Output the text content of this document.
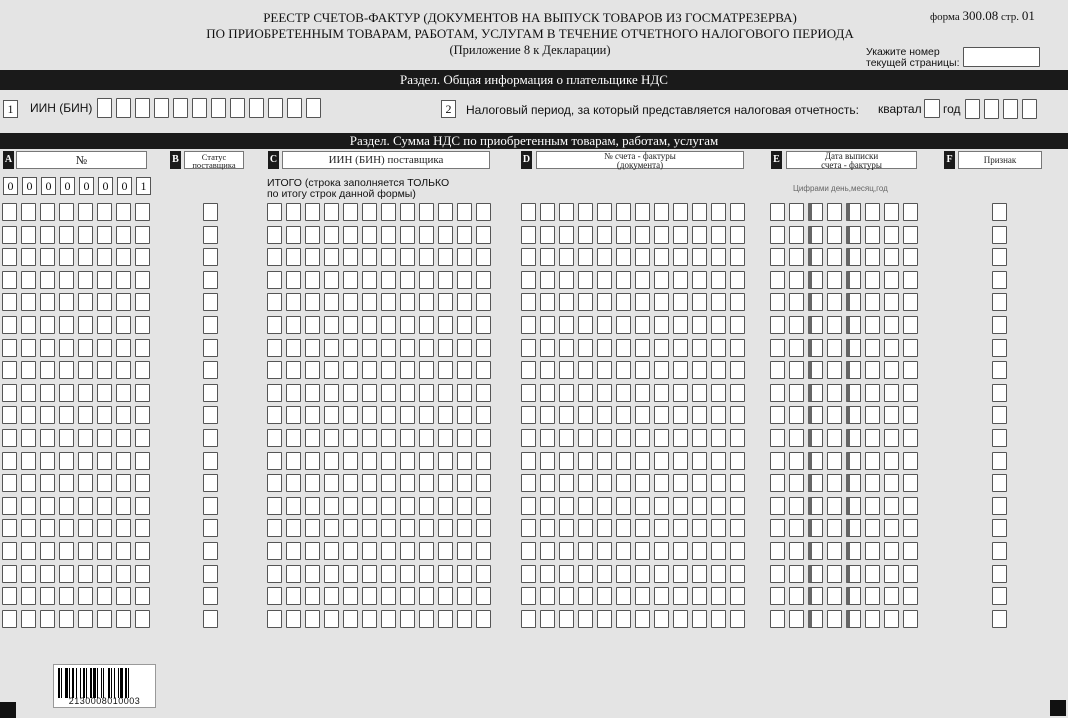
РЕЕСТР СЧЕТОВ-ФАКТУР (ДОКУМЕНТОВ НА ВЫПУСК ТОВАРОВ ИЗ ГОСМАТРЕЗЕРВА)
ПО ПРИОБРЕТЕННЫМ ТОВАРАМ, РАБОТАМ, УСЛУГАМ В ТЕЧЕНИЕ ОТЧЕТНОГО НАЛОГОВОГО ПЕРИОДА
(Приложение 8 к Декларации)
форма 300.08 стр. 01
Укажите номер
текущей страницы:
Раздел. Общая информация о плательщике НДС
1	ИИН (БИН)	2	Налоговый период, за который представляется налоговая отчетность: квартал год
Раздел. Сумма НДС по приобретенным товарам, работам, услугам
A	№	B	Статус
поставщика	C	ИИН (БИН) поставщика	D	№ счета - фактуры
(документа)	E	Дата выписки
счета - фактуры	F	Признак
0	0	0	0	0	0	0	1	ИТОГО (строка заполняется ТОЛЬКО
по итогу строк данной формы)	Цифрами день,месяц,год
2130008010003
